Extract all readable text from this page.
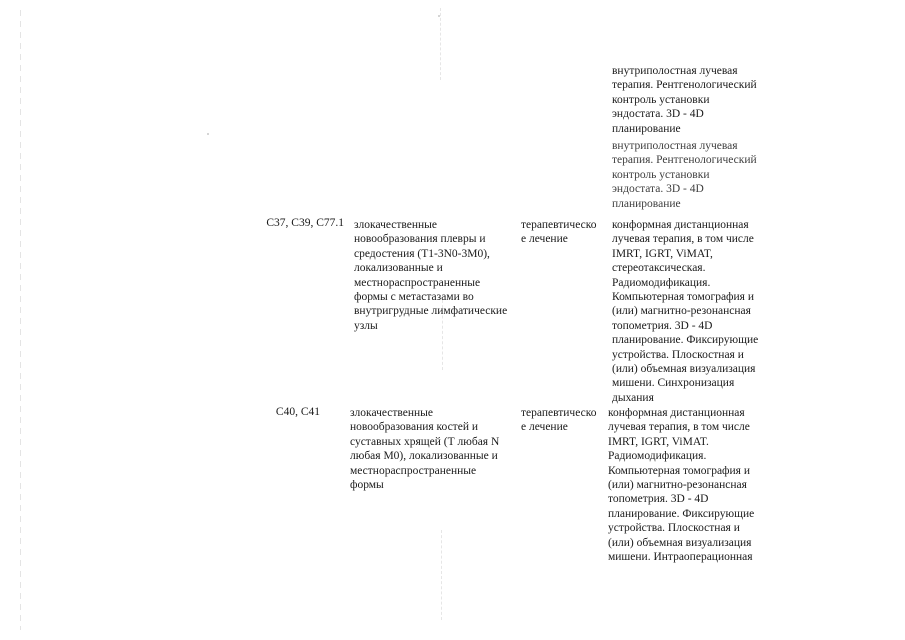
внутриполостная лучевая
терапия. Рентгенологический
контроль установки
эндостата. 3D - 4D
планирование
внутриполостная лучевая
терапия. Рентгенологический
контроль установки
эндостата. 3D - 4D
планирование
C37, C39, C77.1 злокачественные
новообразования плевры и
средостения (Т1-3N0-3M0),
локализованные и
местнораспространенные
формы с метастазами во
внутригрудные лимфатические
узлы
терапевтическо
е лечение
конформная дистанционная
лучевая терапия, в том числе
IMRT, IGRT, ViMAT,
стереотаксическая.
Радиомодификация.
Компьютерная томография и
(или) магнитно-резонансная
топометрия. 3D - 4D
планирование. Фиксирующие
устройства. Плоскостная и
(или) объемная визуализация
мишени. Синхронизация
дыхания
C40, C41	злокачественные
новообразования костей и
суставных хрящей (Т любая N
любая M0), локализованные и
местнораспространенные
формы
терапевтическо
е лечение
конформная дистанционная
лучевая терапия, в том числе
IMRT, IGRT, ViMAT.
Радиомодификация.
Компьютерная томография и
(или) магнитно-резонансная
топометрия. 3D - 4D
планирование. Фиксирующие
устройства. Плоскостная и
(или) объемная визуализация
мишени. Интраоперационная
